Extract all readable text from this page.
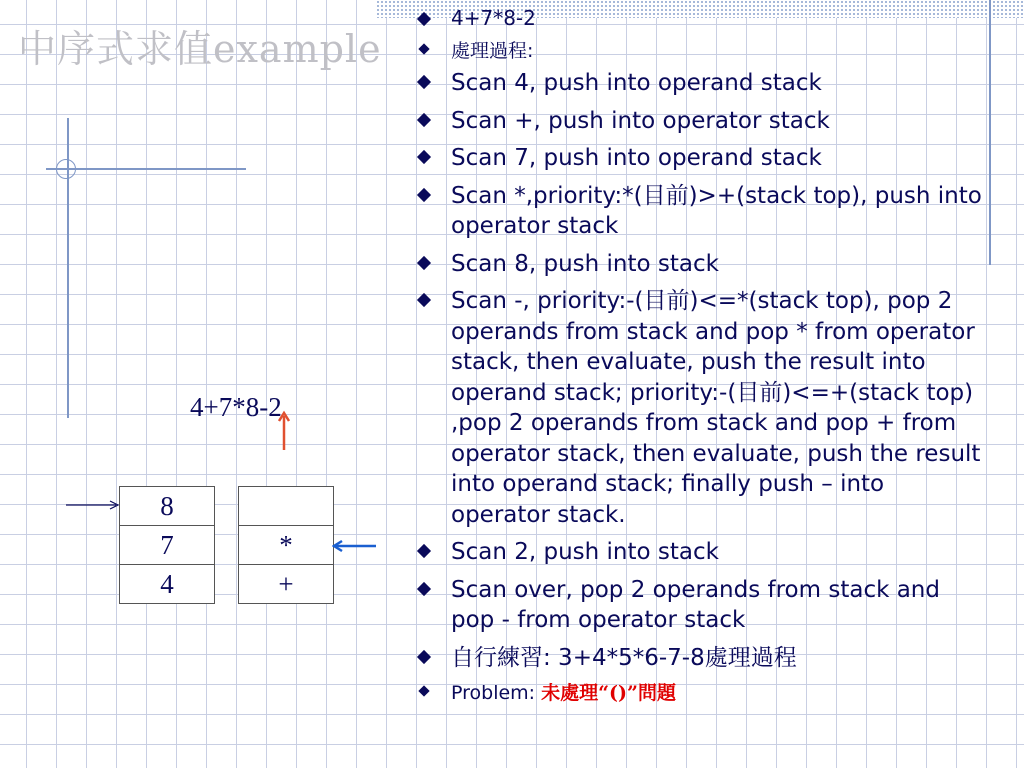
中序式求值example
4+7*8-2
8
7
4
*
+
4+7*8-2
處理過程:
Scan 4, push into operand stack
Scan +, push into operator stack
Scan 7, push into operand stack
Scan *,priority:*(目前)>+(stack top), push into operator stack
Scan 8, push into stack
Scan -, priority:-(目前)<=*(stack top), pop 2 operands from stack and pop * from operator stack, then evaluate, push the result into operand stack; priority:-(目前)<=+(stack top) ,pop 2 operands from stack and pop + from operator stack, then evaluate, push the result into operand stack; finally push – into operator stack.
Scan 2, push into stack
Scan over, pop 2 operands from stack and pop - from operator stack
自行練習: 3+4*5*6-7-8處理過程
Problem: 未處理“()”問題
